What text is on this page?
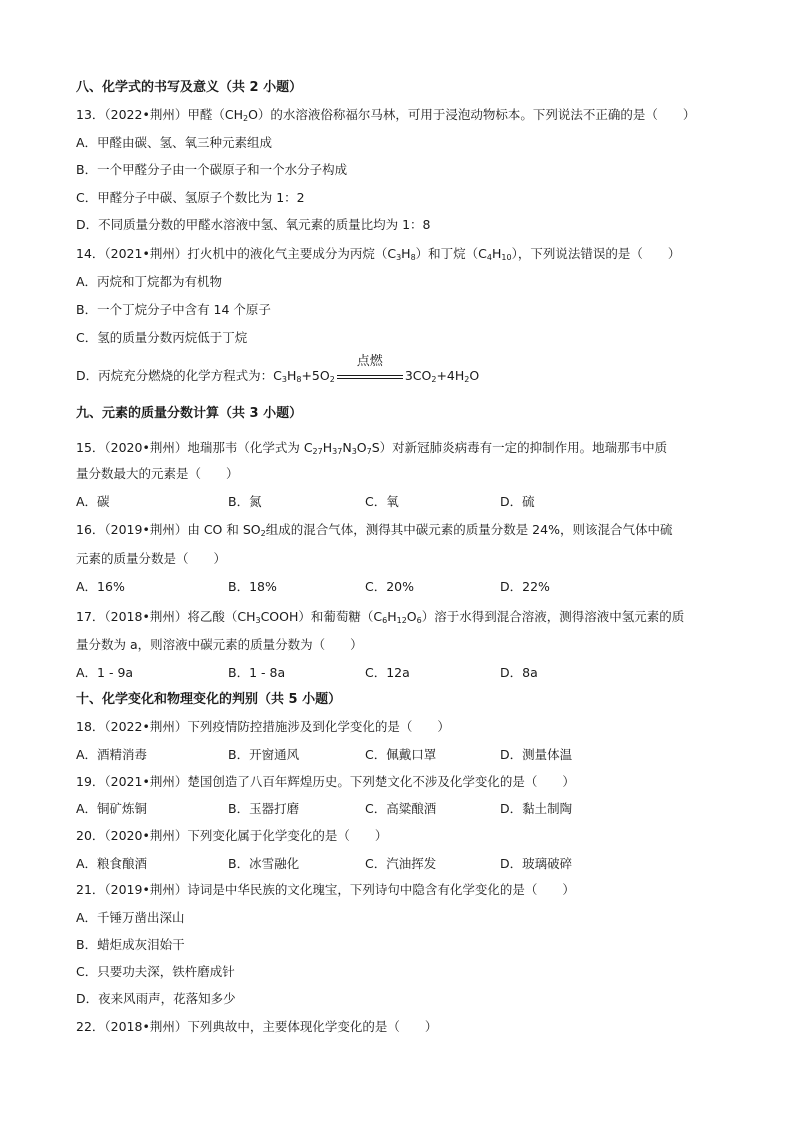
八、化学式的书写及意义（共 2 小题）
13．（2022•荆州）甲醛$(CH_2O)$的水溶液俗称福尔马林，可用于浸泡动物标本。下列说法不正确的是（　　）
A．甲醛由碳、氢、氧三种元素组成
B．一个甲醛分子由一个碳原子和一个水分子构成
C．甲醛分子中碳、氢原子个数比为 1：2
D．不同质量分数的甲醛水溶液中氢、氧元素的质量比均为 1：8
14．（2021•荆州）打火机中的液化气主要成分为丙烷$(C_3H_8)$和丁烷$(C_4H_{10})$，下列说法错误的是（　　）
A．丙烷和丁烷都为有机物
B．一个丁烷分子中含有 14 个原子
C．氢的质量分数丙烷低于丁烷
D．丙烷充分燃烧的化学方程式为：$C_3H_8+5O_2$
点燃
$3CO_2+4H_2O$
九、元素的质量分数计算（共 3 小题）
15．（2020•荆州）地瑞那韦（化学式为 $C_{27}H_{37}N_3O_7S$）对新冠肺炎病毒有一定的抑制作用。地瑞那韦中质
量分数最大的元素是（　　）
A．碳	B．氮	C．氧	D．硫
16．（2019•荆州）由 CO 和 $SO_2$组成的混合气体，测得其中碳元素的质量分数是 24%，则该混合气体中硫
元素的质量分数是（　　）
A．16%	B．18%	C．20%	D．22%
17．（2018•荆州）将乙酸$(CH_3COOH)$和葡萄糖$(C_6H_{12}O_6)$溶于水得到混合溶液，测得溶液中氢元素的质
量分数为 a，则溶液中碳元素的质量分数为（　　）
A．1 - 9a	B．1 - 8a	C．12a	D．8a
十、化学变化和物理变化的判别（共 5 小题）
18．（2022•荆州）下列疫情防控措施涉及到化学变化的是（　　）
A．酒精消毒	B．开窗通风	C．佩戴口罩	D．测量体温
19．（2021•荆州）楚国创造了八百年辉煌历史。下列楚文化不涉及化学变化的是（　　）
A．铜矿炼铜	B．玉器打磨	C．高粱酿酒	D．黏土制陶
20．（2020•荆州）下列变化属于化学变化的是（　　）
A．粮食酿酒	B．冰雪融化	C．汽油挥发	D．玻璃破碎
21．（2019•荆州）诗词是中华民族的文化瑰宝，下列诗句中隐含有化学变化的是（　　）
A．千锤万凿出深山
B．蜡炬成灰泪始干
C．只要功夫深，铁杵磨成针
D．夜来风雨声，花落知多少
22．（2018•荆州）下列典故中，主要体现化学变化的是（　　）
